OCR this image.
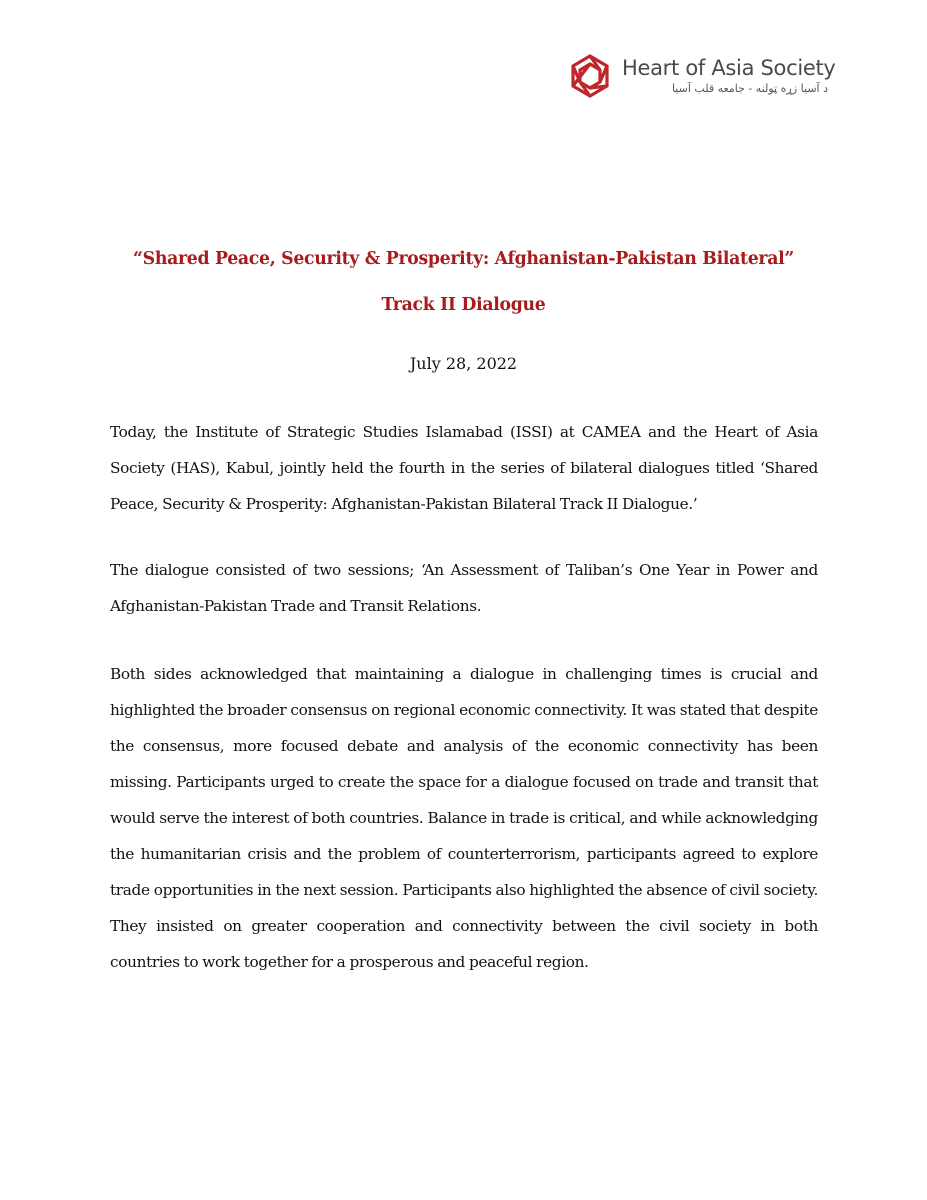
Heart of Asia Society
د آسیا زړه ټولنه - جامعه قلب آسیا
“Shared Peace, Security & Prosperity: Afghanistan-Pakistan Bilateral”
Track II Dialogue
July 28, 2022

Today, the Institute of Strategic Studies Islamabad (ISSI) at CAMEA and the Heart of Asia Society (HAS), Kabul, jointly held the fourth in the series of bilateral dialogues titled ‘Shared Peace, Security & Prosperity: Afghanistan-Pakistan Bilateral Track II Dialogue.’

The dialogue consisted of two sessions; ‘An Assessment of Taliban’s One Year in Power and Afghanistan-Pakistan Trade and Transit Relations.

Both sides acknowledged that maintaining a dialogue in challenging times is crucial and highlighted the broader consensus on regional economic connectivity. It was stated that despite the consensus, more focused debate and analysis of the economic connectivity has been missing. Participants urged to create the space for a dialogue focused on trade and transit that would serve the interest of both countries. Balance in trade is critical, and while acknowledging the humanitarian crisis and the problem of counterterrorism, participants agreed to explore trade opportunities in the next session. Participants also highlighted the absence of civil society. They insisted on greater cooperation and connectivity between the civil society in both countries to work together for a prosperous and peaceful region.
